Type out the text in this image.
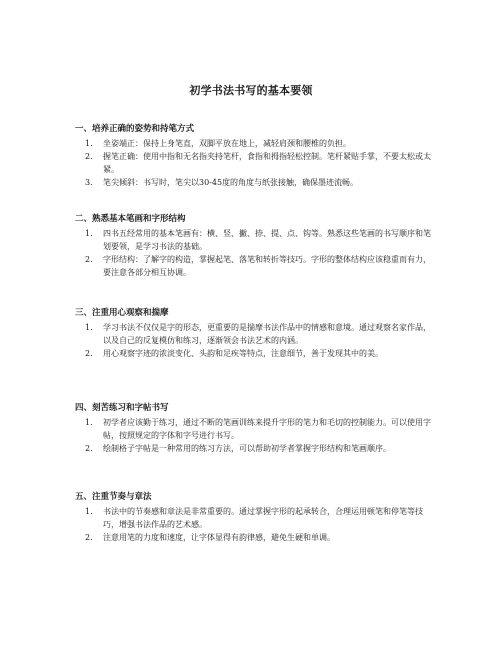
初学书法书写的基本要领
一、培养正确的姿势和持笔方式
1. 坐姿端正：保持上身笔直，双脚平放在地上，减轻肩颈和腰椎的负担。
2. 握笔正确：使用中指和无名指夹持笔杆，食指和拇指轻松控制。笔杆紧贴手掌，不要太松或太紧。
3. 笔尖倾斜：书写时，笔尖以30-45度的角度与纸张接触，确保墨迹流畅。
二、熟悉基本笔画和字形结构
1. 四书五经常用的基本笔画有：横、竖、撇、捺、提、点、钩等。熟悉这些笔画的书写顺序和笔划要领，是学习书法的基础。
2. 字形结构：了解字的构造，掌握起笔、落笔和转折等技巧。字形的整体结构应该稳重而有力，要注意各部分相互协调。
三、注重用心观察和揣摩
1. 学习书法不仅仅是字的形态，更重要的是揣摩书法作品中的情感和意境。通过观察名家作品，以及自己的反复模仿和练习，逐渐领会书法艺术的内涵。
2. 用心观察字迹的浓淡变化、头韵和足疾等特点，注意细节，善于发现其中的美。
四、刻苦练习和字帖书写
1. 初学者应该勤于练习，通过不断的笔画训练来提升字形的笔力和毛切的控制能力。可以使用字帖，按照规定的字体和字号进行书写。
2. 绘制格子字帖是一种常用的练习方法，可以帮助初学者掌握字形结构和笔画顺序。
五、注重节奏与章法
1. 书法中的节奏感和章法是非常重要的。通过掌握字形的起承转合，合理运用顿笔和停笔等技巧，增强书法作品的艺术感。
2. 注意用笔的力度和速度，让字体显得有韵律感，避免生硬和单调。
